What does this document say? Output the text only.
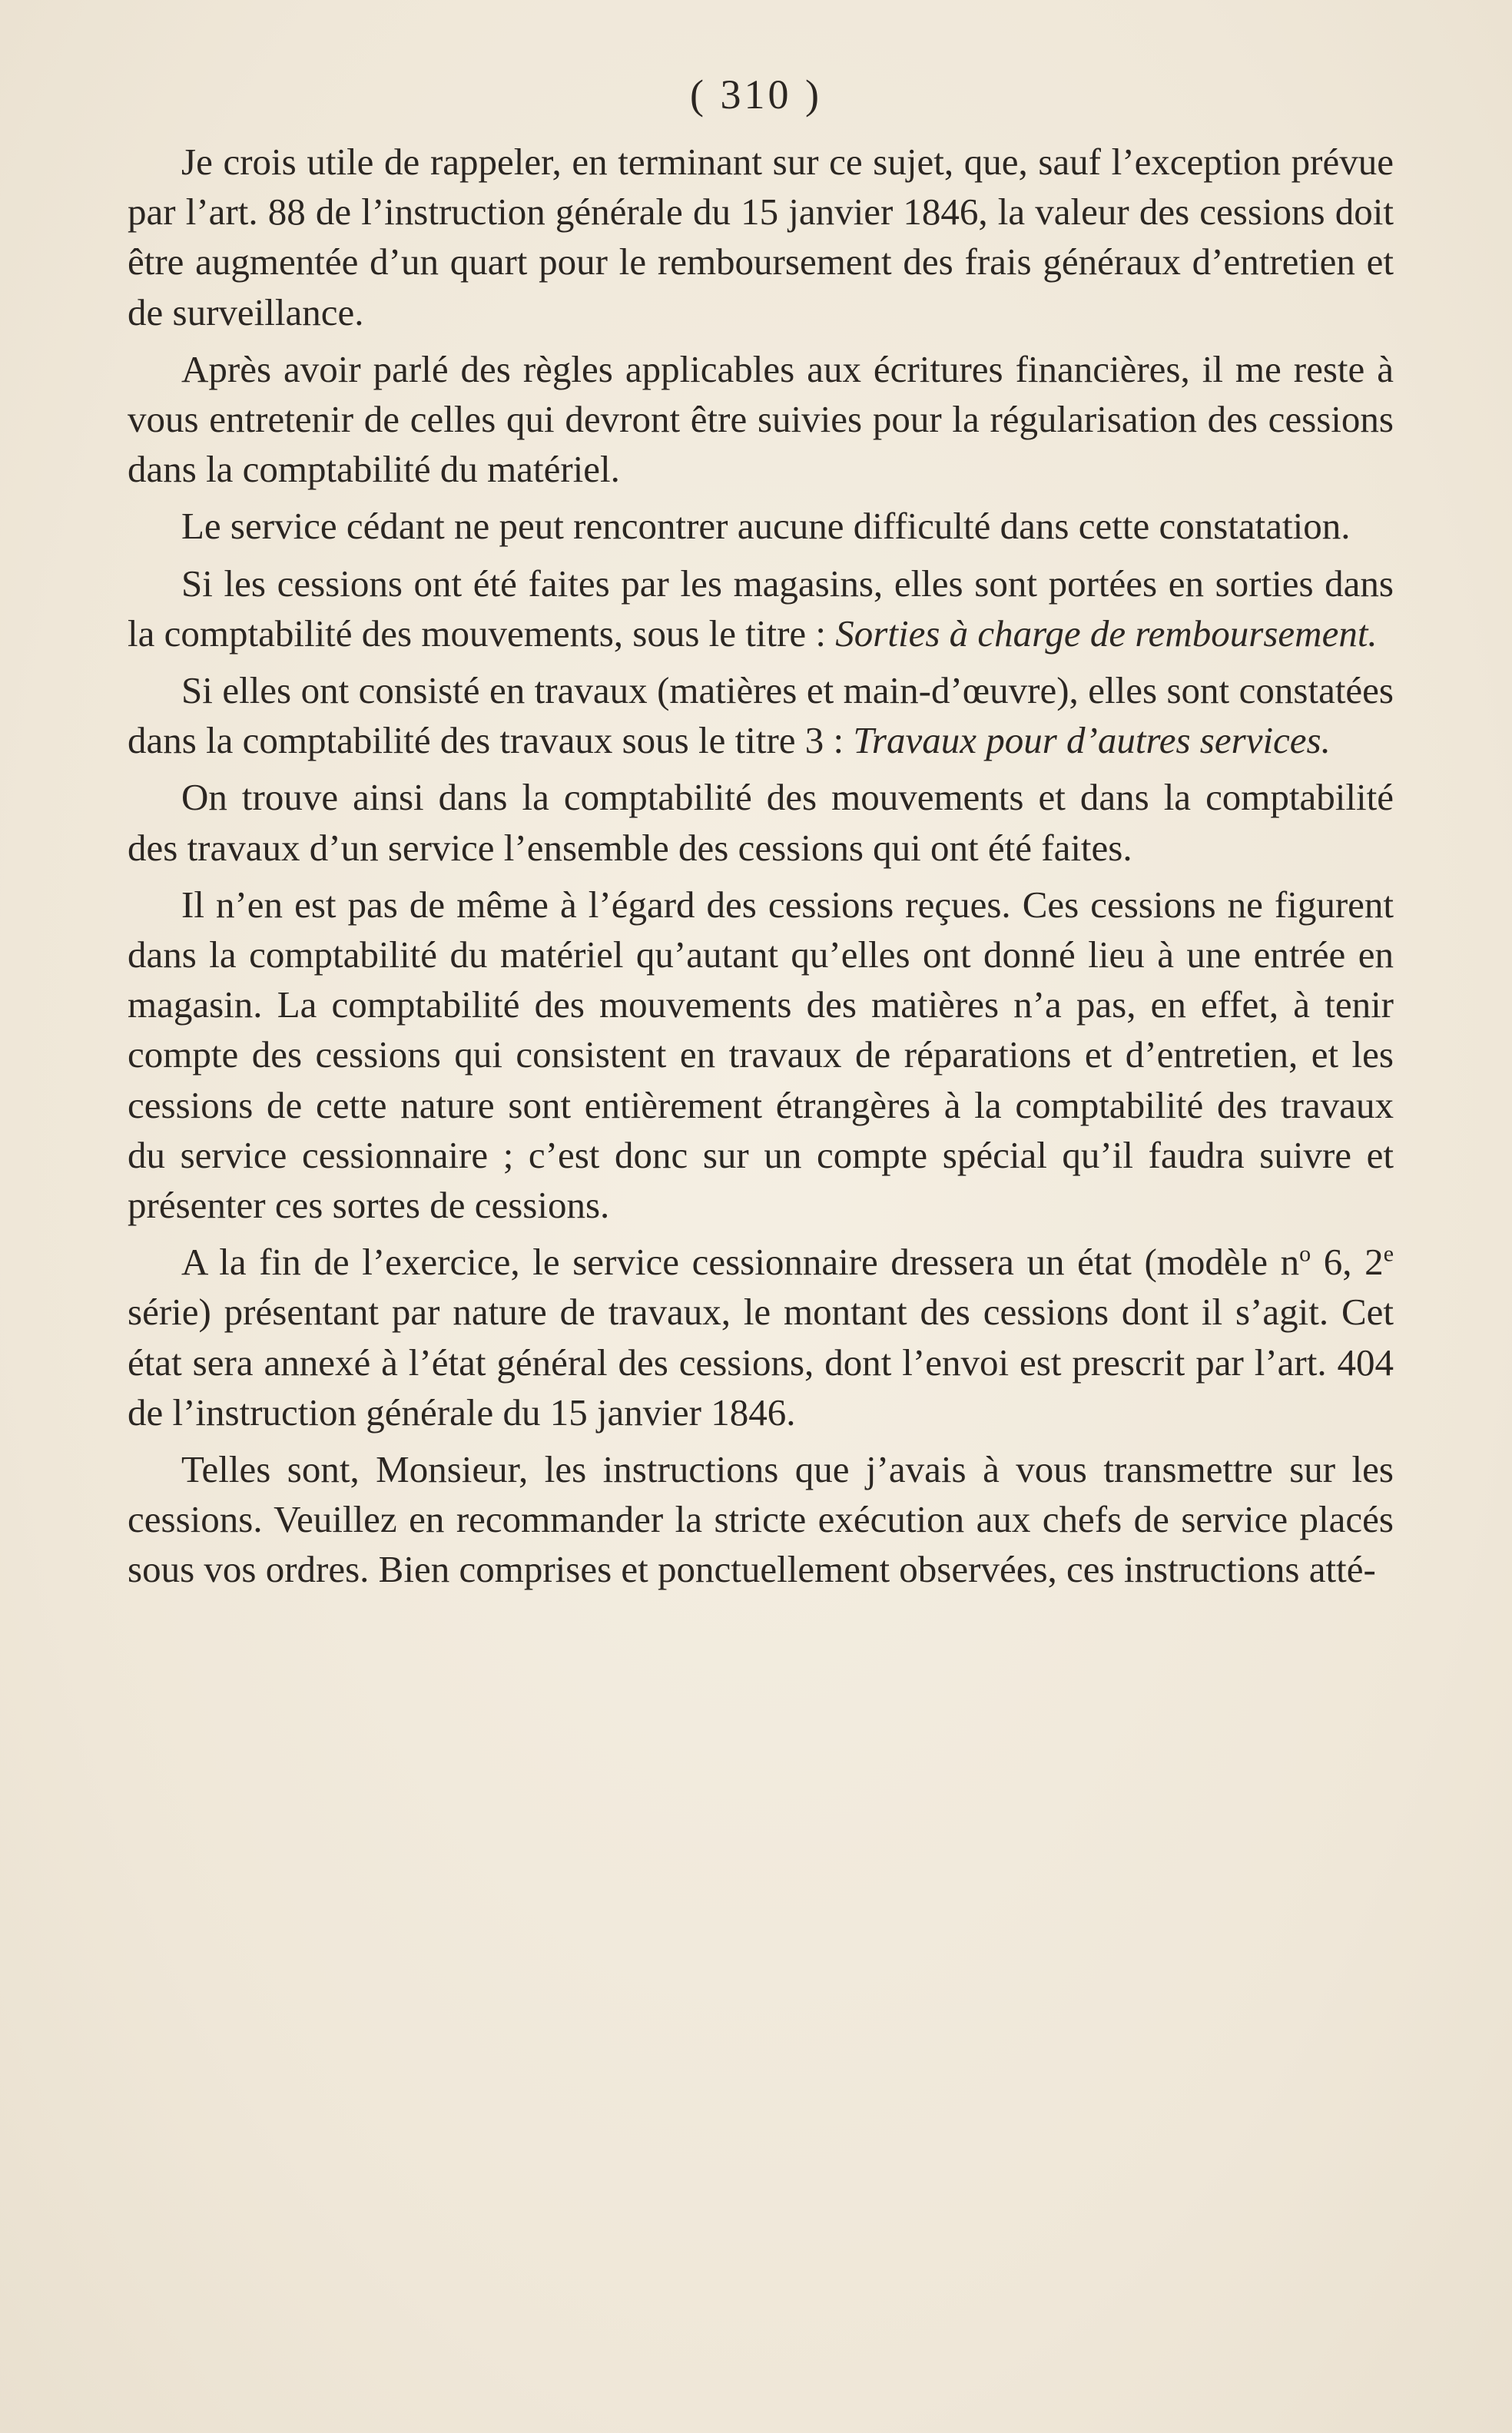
( 310 )

Je crois utile de rappeler, en terminant sur ce sujet, que, sauf l’exception prévue par l’art. 88 de l’instruction générale du 15 janvier 1846, la valeur des cessions doit être augmentée d’un quart pour le remboursement des frais généraux d’entretien et de surveillance.

Après avoir parlé des règles applicables aux écritures financières, il me reste à vous entretenir de celles qui devront être suivies pour la régularisation des cessions dans la comptabilité du matériel.

Le service cédant ne peut rencontrer aucune difficulté dans cette constatation.

Si les cessions ont été faites par les magasins, elles sont portées en sorties dans la comptabilité des mouvements, sous le titre : Sorties à charge de remboursement.

Si elles ont consisté en travaux (matières et main-d’œuvre), elles sont constatées dans la comptabilité des travaux sous le titre 3 : Travaux pour d’autres services.

On trouve ainsi dans la comptabilité des mouvements et dans la comptabilité des travaux d’un service l’ensemble des cessions qui ont été faites.

Il n’en est pas de même à l’égard des cessions reçues. Ces cessions ne figurent dans la comptabilité du matériel qu’autant qu’elles ont donné lieu à une entrée en magasin. La comptabilité des mouvements des matières n’a pas, en effet, à tenir compte des cessions qui consistent en travaux de réparations et d’entretien, et les cessions de cette nature sont entièrement étrangères à la comptabilité des travaux du service cessionnaire ; c’est donc sur un compte spécial qu’il faudra suivre et présenter ces sortes de cessions.

A la fin de l’exercice, le service cessionnaire dressera un état (modèle $n^o$ 6, 2e série) présentant par nature de travaux, le montant des cessions dont il s’agit. Cet état sera annexé à l’état général des cessions, dont l’envoi est prescrit par l’art. 404 de l’instruction générale du 15 janvier 1846.

Telles sont, Monsieur, les instructions que j’avais à vous transmettre sur les cessions. Veuillez en recommander la stricte exécution aux chefs de service placés sous vos ordres. Bien comprises et ponctuellement observées, ces instructions atté-
